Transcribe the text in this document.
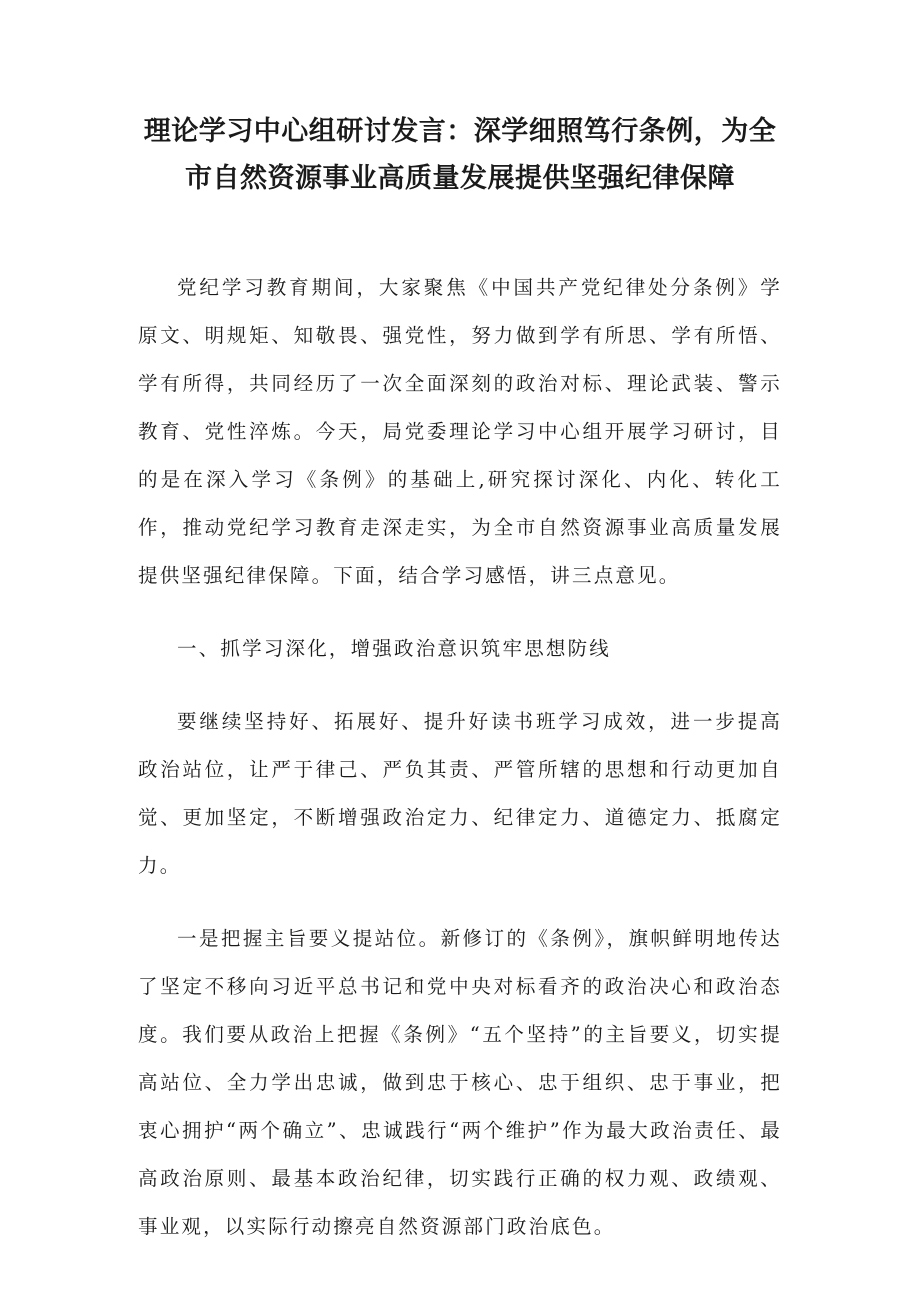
理论学习中心组研讨发言：深学细照笃行条例，为全
市自然资源事业高质量发展提供坚强纪律保障

党纪学习教育期间，大家聚焦《中国共产党纪律处分条例》学原文、明规矩、知敬畏、强党性，努力做到学有所思、学有所悟、学有所得，共同经历了一次全面深刻的政治对标、理论武装、警示教育、党性淬炼。今天，局党委理论学习中心组开展学习研讨，目的是在深入学习《条例》的基础上,研究探讨深化、内化、转化工作，推动党纪学习教育走深走实，为全市自然资源事业高质量发展提供坚强纪律保障。下面，结合学习感悟，讲三点意见。

一、抓学习深化，增强政治意识筑牢思想防线

要继续坚持好、拓展好、提升好读书班学习成效，进一步提高政治站位，让严于律己、严负其责、严管所辖的思想和行动更加自觉、更加坚定，不断增强政治定力、纪律定力、道德定力、抵腐定力。

一是把握主旨要义提站位。新修订的《条例》，旗帜鲜明地传达了坚定不移向习近平总书记和党中央对标看齐的政治决心和政治态度。我们要从政治上把握《条例》“五个坚持”的主旨要义，切实提高站位、全力学出忠诚，做到忠于核心、忠于组织、忠于事业，把衷心拥护“两个确立”、忠诚践行“两个维护”作为最大政治责任、最高政治原则、最基本政治纪律，切实践行正确的权力观、政绩观、事业观，以实际行动擦亮自然资源部门政治底色。
